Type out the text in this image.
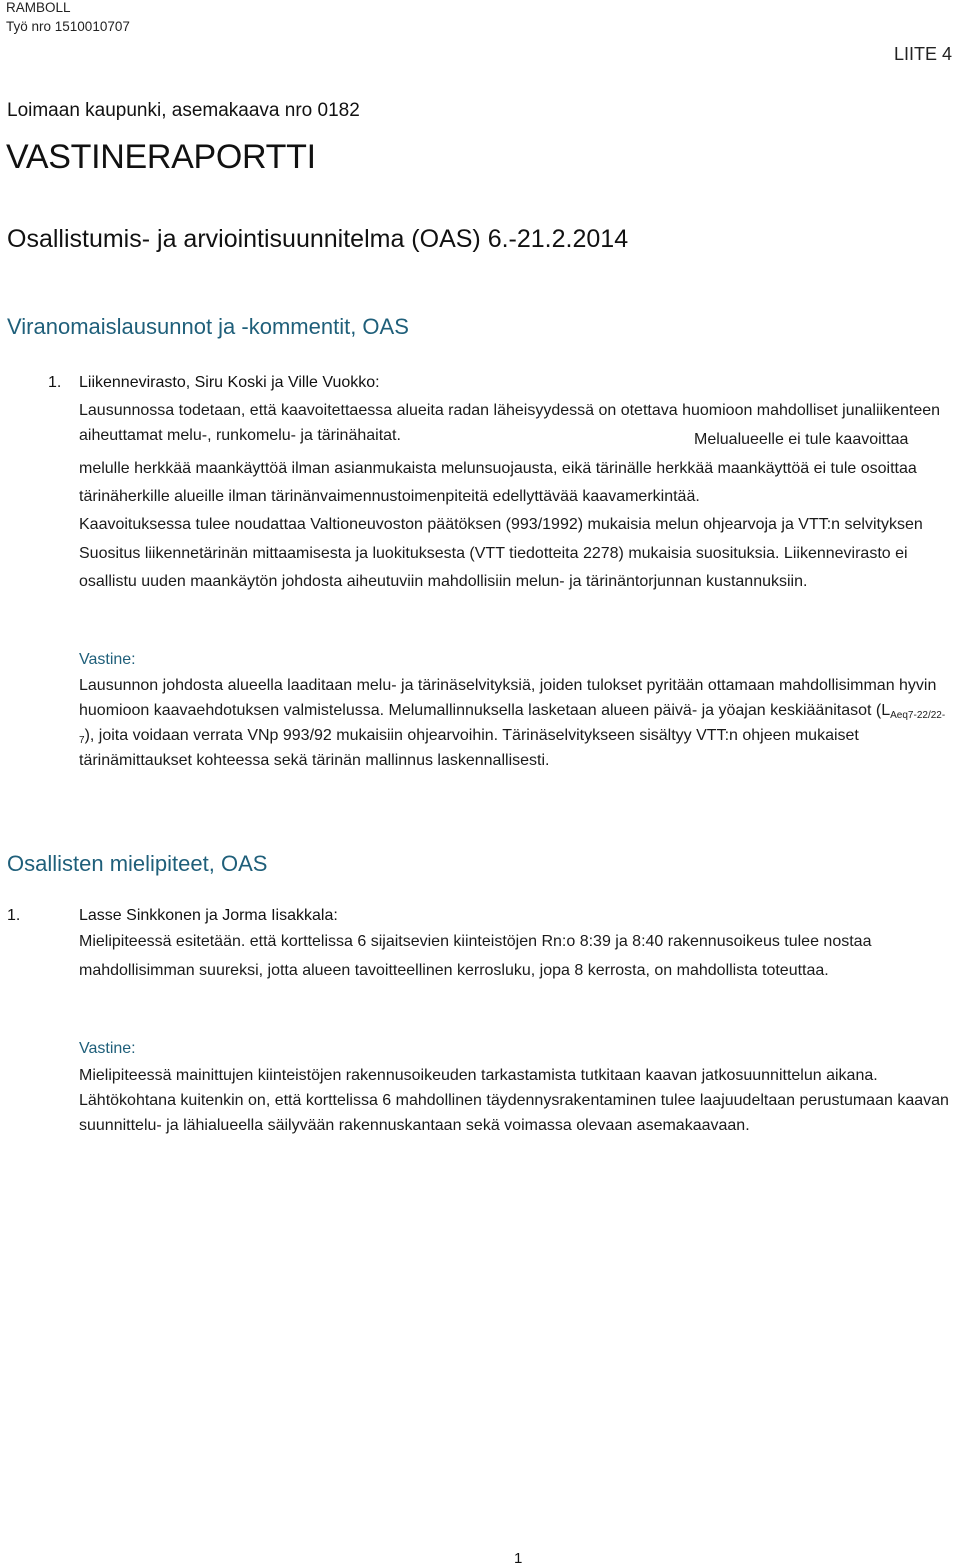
RAMBOLL
Työ nro 1510010707
LIITE 4
Loimaan kaupunki, asemakaava nro 0182
VASTINERAPORTTI
Osallistumis- ja arviointisuunnitelma (OAS) 6.-21.2.2014
Viranomaislausunnot ja -kommentit, OAS
1. Liikennevirasto, Siru Koski ja Ville Vuokko:

Lausunnossa todetaan, että kaavoitettaessa alueita radan läheisyydessä on otettava huomioon mahdolliset junaliikenteen aiheuttamat melu-, runkomelu- ja tärinähaitat.	Melualueelle ei tule kaavoittaa melulle herkkää maankäyttöä ilman asianmukaista melunsuojausta, eikä tärinälle herkkää maankäyttöä ei tule osoittaa tärinäherkille alueille ilman tärinänvaimennustoimenpiteitä edellyttävää kaavamerkintää.

Kaavoituksessa tulee noudattaa Valtioneuvoston päätöksen (993/1992) mukaisia melun ohjearvoja ja VTT:n selvityksen Suositus liikennetärinän mittaamisesta ja luokituksesta (VTT tiedotteita 2278) mukaisia suosituksia. Liikennevirasto ei osallistu uuden maankäytön johdosta aiheutuviin mahdollisiin melun- ja tärinäntorjunnan kustannuksiin.

Vastine:

Lausunnon johdosta alueella laaditaan melu- ja tärinäselvityksiä, joiden tulokset pyritään ottamaan mahdollisimman hyvin huomioon kaavaehdotuksen valmistelussa. Melumallinnuksella lasketaan alueen päivä- ja yöajan keskiäänitasot $(L_{Aeq7-22/22-7})$, joita voidaan verrata VNp 993/92 mukaisiin ohjearvoihin. Tärinäselvitykseen sisältyy VTT:n ohjeen mukaiset tärinämittaukset kohteessa sekä tärinän mallinnus laskennallisesti.

Osallisten mielipiteet, OAS
1.	Lasse Sinkkonen ja Jorma Iisakkala:

Mielipiteessä esitetään. että korttelissa 6 sijaitsevien kiinteistöjen Rn:o 8:39 ja 8:40 rakennusoikeus tulee nostaa mahdollisimman suureksi, jotta alueen tavoitteellinen kerrosluku, jopa 8 kerrosta, on mahdollista toteuttaa.

Vastine:

Mielipiteessä mainittujen kiinteistöjen rakennusoikeuden tarkastamista tutkitaan kaavan jatkosuunnittelun aikana. Lähtökohtana kuitenkin on, että korttelissa 6 mahdollinen täydennysrakentaminen tulee laajuudeltaan perustumaan kaavan suunnittelu- ja lähialueella säilyvään rakennuskantaan sekä voimassa olevaan asemakaavaan.

1
